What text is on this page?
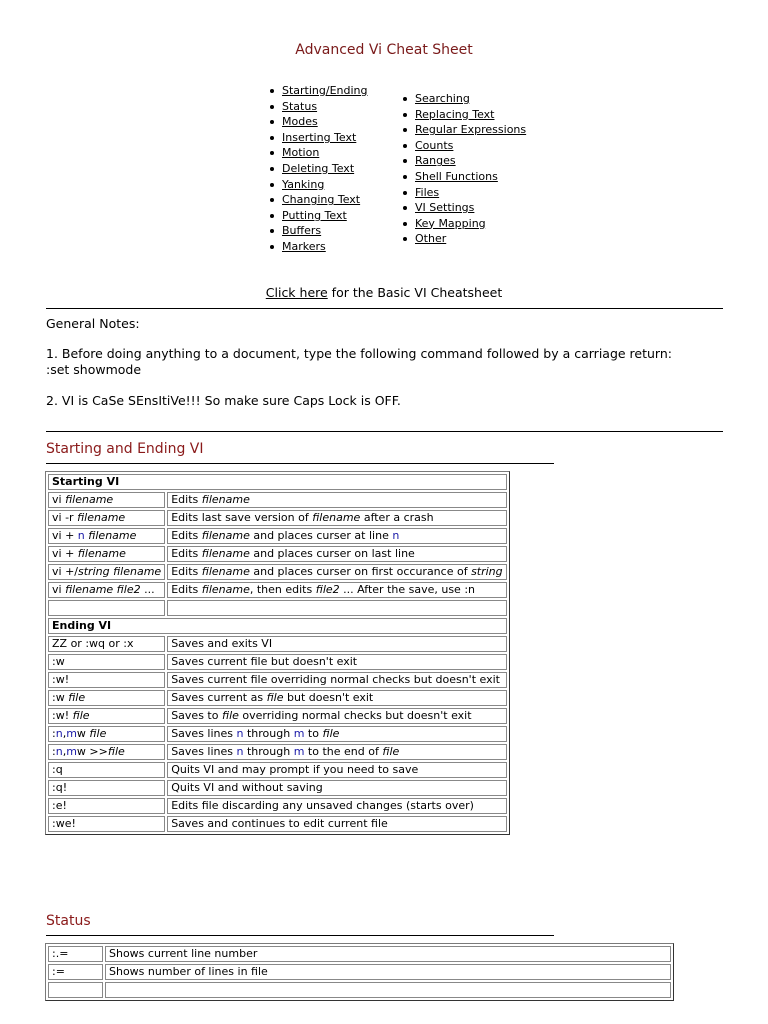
Advanced Vi Cheat Sheet
Starting/Ending
Status
Modes
Inserting Text
Motion
Deleting Text
Yanking
Changing Text
Putting Text
Buffers
Markers
Searching
Replacing Text
Regular Expressions
Counts
Ranges
Shell Functions
Files
VI Settings
Key Mapping
Other
Click here for the Basic VI Cheatsheet
General Notes:
1. Before doing anything to a document, type the following command followed by a carriage return:
:set showmode
2. VI is CaSe SEnsItiVe!!! So make sure Caps Lock is OFF.
Starting and Ending VI
Starting VI	
vi filename	Edits filename
vi -r filename	Edits last save version of filename after a crash
vi + n filename	Edits filename and places curser at line n
vi + filename	Edits filename and places curser on last line
vi +/string filename	Edits filename and places curser on first occurance of string
vi filename file2 ...	Edits filename, then edits file2 ... After the save, use :n

Ending VI	
ZZ or :wq or :x	Saves and exits VI
:w	Saves current file but doesn't exit
:w!	Saves current file overriding normal checks but doesn't exit
:w file	Saves current as file but doesn't exit
:w! file	Saves to file overriding normal checks but doesn't exit
:n,mw file	Saves lines n through m to file
:n,mw >>file	Saves lines n through m to the end of file
:q	Quits VI and may prompt if you need to save
:q!	Quits VI and without saving
:e!	Edits file discarding any unsaved changes (starts over)
:we!	Saves and continues to edit current file
Status
:.=	Shows current line number
:=	Shows number of lines in file
